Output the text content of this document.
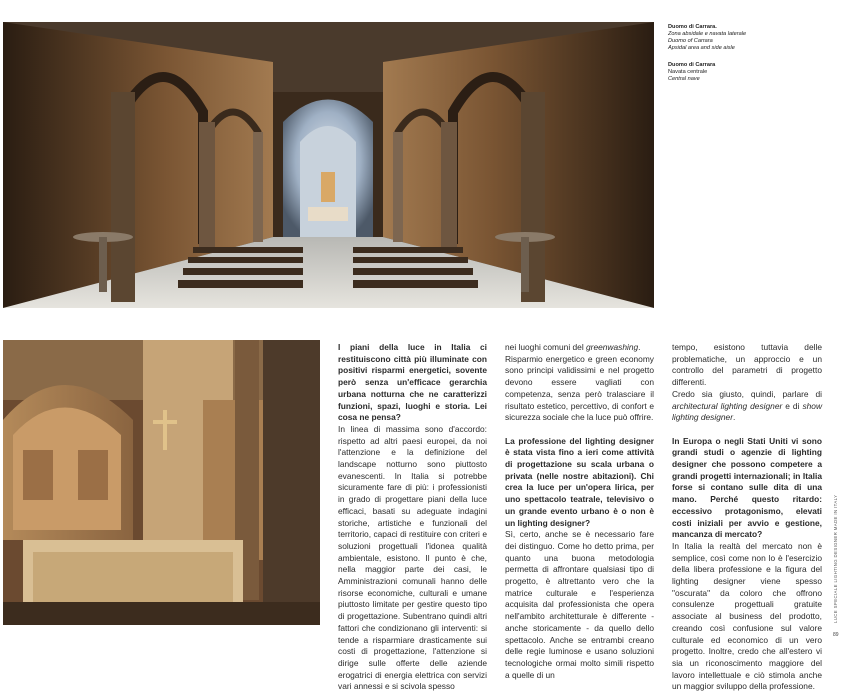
Duomo di Carrara.
Zona absidale e navata laterale
Duomo of Carrara
Apsidal area and side aisle
Duomo di Carrara
Navata centrale
Central nave

I piani della luce in Italia ci restituiscono città più illuminate con positivi risparmi energetici, sovente però senza un'efficace gerarchia urbana notturna che ne caratterizzi funzioni, spazi, luoghi e storia. Lei cosa ne pensa?

In linea di massima sono d'accordo: rispetto ad altri paesi europei, da noi l'attenzione e la definizione del landscape notturno sono piuttosto evanescenti. In Italia si potrebbe sicuramente fare di più: i professionisti in grado di progettare piani della luce efficaci, basati su adeguate indagini storiche, artistiche e funzionali del territorio, capaci di restituire con criteri e soluzioni progettuali l'idonea qualità ambientale, esistono. Il punto è che, nella maggior parte dei casi, le Amministrazioni comunali hanno delle risorse economiche, culturali e umane piuttosto limitate per gestire questo tipo di progettazione. Subentrano quindi altri fattori che condizionano gli interventi: si tende a risparmiare drasticamente sui costi di progettazione, l'attenzione si dirige sulle offerte delle aziende erogatrici di energia elettrica con servizi vari annessi e si scivola spesso

nei luoghi comuni del greenwashing.

Risparmio energetico e green economy sono principi validissimi e nel progetto devono essere vagliati con competenza, senza però tralasciare il risultato estetico, percettivo, di confort e sicurezza sociale che la luce può offrire.

La professione del lighting designer è stata vista fino a ieri come attività di progettazione su scala urbana o privata (nelle nostre abitazioni). Chi crea la luce per un'opera lirica, per uno spettacolo teatrale, televisivo o un grande evento urbano è o non è un lighting designer?

Sì, certo, anche se è necessario fare dei distinguo. Come ho detto prima, per quanto una buona metodologia permetta di affrontare qualsiasi tipo di progetto, è altrettanto vero che la matrice culturale e l'esperienza acquisita dal professionista che opera nell'ambito architetturale è differente - anche storicamente - da quello dello spettacolo. Anche se entrambi creano delle regie luminose e usano soluzioni tecnologiche ormai molto simili rispetto a quelle di un

tempo, esistono tuttavia delle problematiche, un approccio e un controllo del parametri di progetto differenti.

Credo sia giusto, quindi, parlare di architectural lighting designer e di show lighting designer.

In Europa o negli Stati Uniti vi sono grandi studi o agenzie di lighting designer che possono competere a grandi progetti internazionali; in Italia forse si contano sulle dita di una mano. Perché questo ritardo: eccessivo protagonismo, elevati costi iniziali per avvio e gestione, mancanza di mercato?

In Italia la realtà del mercato non è semplice, così come non lo è l'esercizio della libera professione e la figura del lighting designer viene spesso "oscurata" da coloro che offrono consulenze progettuali gratuite associate al business del prodotto, creando così confusione sul valore culturale ed economico di un vero progetto. Inoltre, credo che all'estero vi sia un riconoscimento maggiore del lavoro intellettuale e ciò stimola anche un maggior sviluppo della professione.

LUCE SPECIALE LIGHTING DESIGNER MADE IN ITALY
89
